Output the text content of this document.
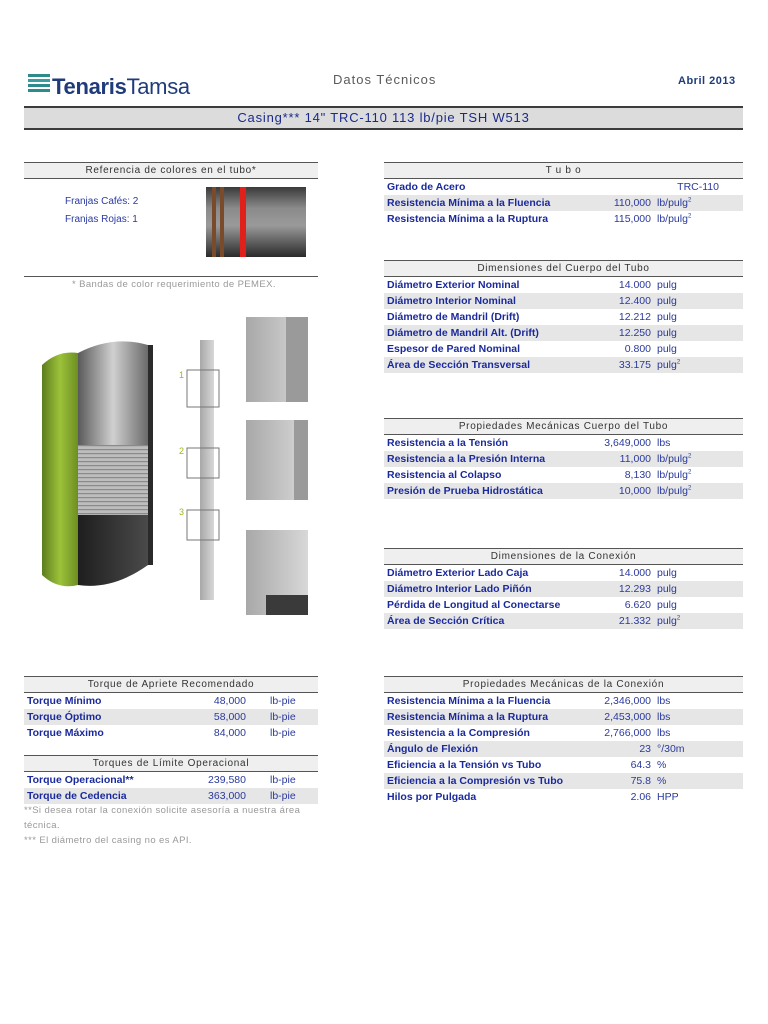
TenarisTamsa	Datos Técnicos	Abril 2013
Casing*** 14" TRC-110 113 lb/pie TSH W513
Referencia de colores en el tubo*
Franjas Cafés: 2
Franjas Rojas: 1
* Bandas de color requerimiento de PEMEX.
1
2
3
T u b o
Grado de Acero	TRC-110
Resistencia Mínima a la Fluencia	110,000 lb/pulg$^2$
Resistencia Mínima a la Ruptura	115,000 lb/pulg$^2$
Dimensiones del Cuerpo del Tubo
Diámetro Exterior Nominal	14.000 pulg
Diámetro Interior Nominal	12.400 pulg
Diámetro de Mandril (Drift)	12.212 pulg
Diámetro de Mandril Alt. (Drift)	12.250 pulg
Espesor de Pared Nominal	0.800 pulg
Área de Sección Transversal	33.175 pulg$^2$
Propiedades Mecánicas Cuerpo del Tubo
Resistencia a la Tensión	3,649,000 lbs
Resistencia a la Presión Interna	11,000 lb/pulg$^2$
Resistencia al Colapso	8,130 lb/pulg$^2$
Presión de Prueba Hidrostática	10,000 lb/pulg$^2$
Dimensiones de la Conexión
Diámetro Exterior Lado Caja	14.000 pulg
Diámetro Interior Lado Piñón	12.293 pulg
Pérdida de Longitud al Conectarse	6.620 pulg
Área de Sección Crítica	21.332 pulg$^2$
Propiedades Mecánicas de la Conexión
Resistencia Mínima a la Fluencia	2,346,000 lbs
Resistencia Mínima a la Ruptura	2,453,000 lbs
Resistencia a la Compresión	2,766,000 lbs
Ángulo de Flexión	23 °/30m
Eficiencia a la Tensión vs Tubo	64.3 %
Eficiencia a la Compresión vs Tubo	75.8 %
Hilos por Pulgada	2.06 HPP
Torque de Apriete Recomendado
Torque Mínimo	48,000 lb-pie
Torque Óptimo	58,000 lb-pie
Torque Máximo	84,000 lb-pie
Torques de Límite Operacional
Torque Operacional**	239,580 lb-pie
Torque de Cedencia	363,000 lb-pie
**Si desea rotar la conexión solicite asesoría a nuestra área técnica.
*** El diámetro del casing no es API.
